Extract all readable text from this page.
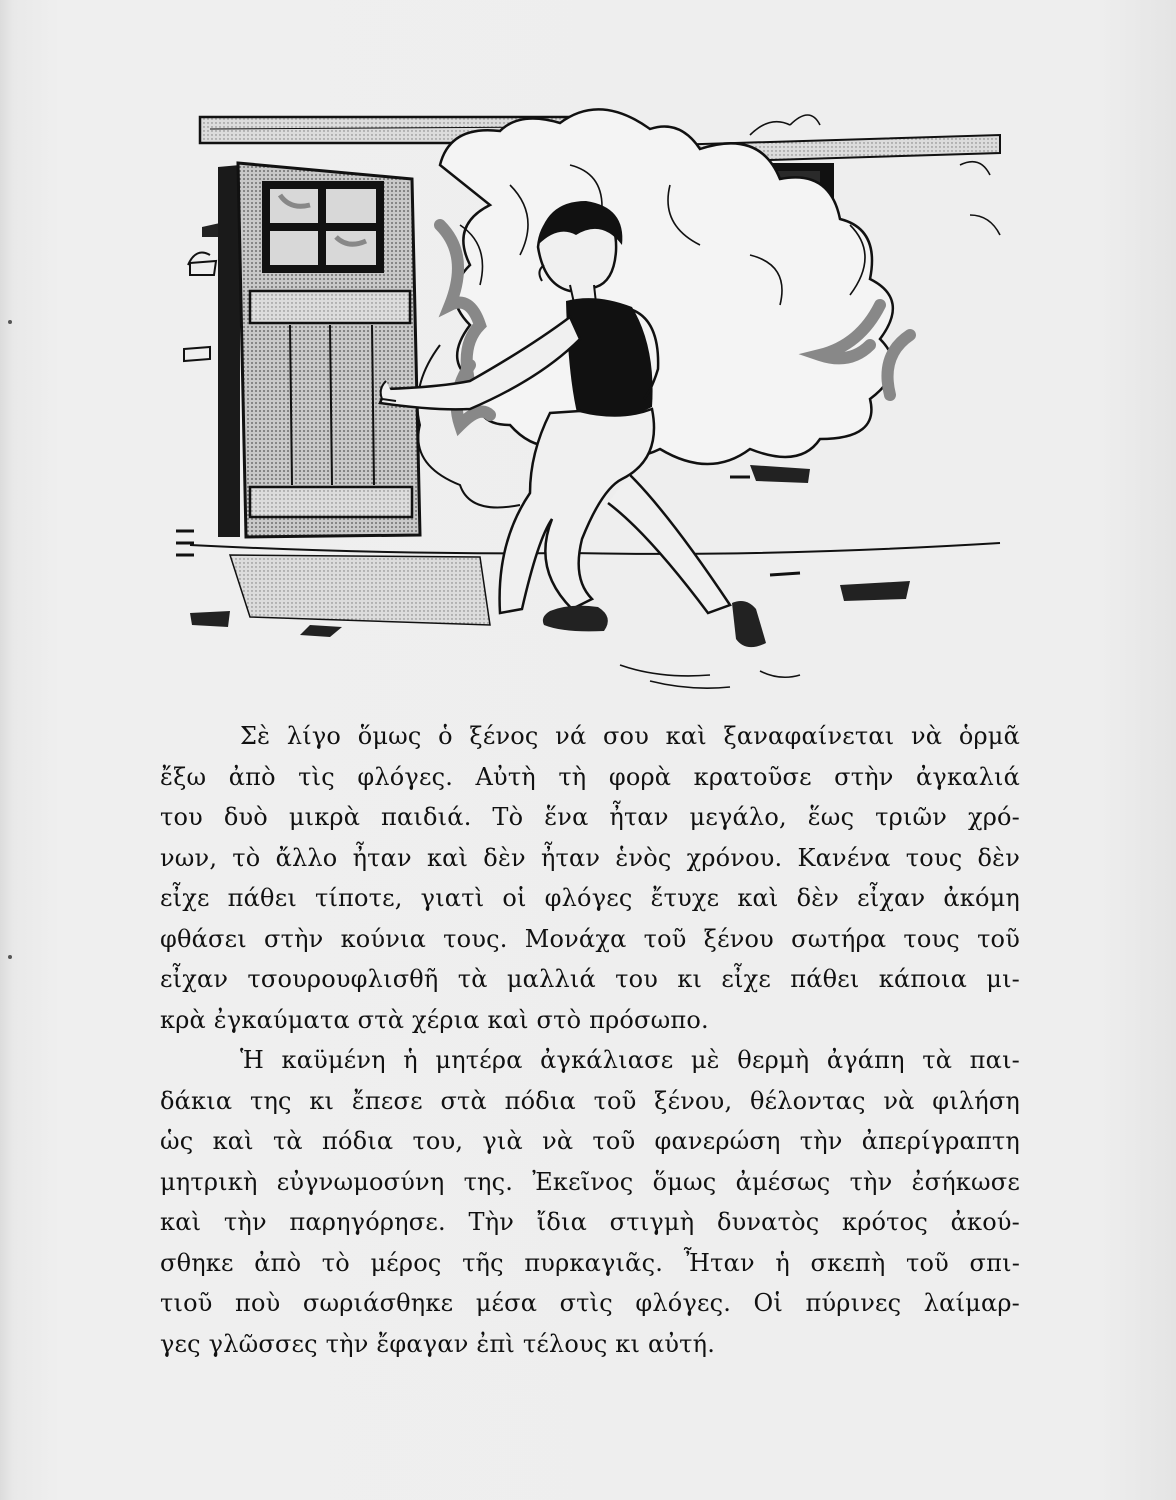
Σὲ λίγο ὅμως ὁ ξένος νά σου καὶ ξαναφαίνεται νὰ ὁρμᾶ

ἔξω ἀπὸ τὶς φλόγες. Αὐτὴ τὴ φορὰ κρατοῦσε στὴν ἀγκαλιά

του δυὸ μικρὰ παιδιά. Τὸ ἕνα ἦταν μεγάλο, ἕως τριῶν χρό-

νων, τὸ ἄλλο ἦταν καὶ δὲν ἦταν ἑνὸς χρόνου. Κανένα τους δὲν

εἶχε πάθει τίποτε, γιατὶ οἱ φλόγες ἔτυχε καὶ δὲν εἶχαν ἀκόμη

φθάσει στὴν κούνια τους. Μονάχα τοῦ ξένου σωτήρα τους τοῦ

εἶχαν τσουρουφλισθῆ τὰ μαλλιά του κι εἶχε πάθει κάποια μι-

κρὰ ἐγκαύματα στὰ χέρια καὶ στὸ πρόσωπο.

Ἡ καϋμένη ἡ μητέρα ἀγκάλιασε μὲ θερμὴ ἀγάπη τὰ παι-

δάκια της κι ἔπεσε στὰ πόδια τοῦ ξένου, θέλοντας νὰ φιλήση

ὡς καὶ τὰ πόδια του, γιὰ νὰ τοῦ φανερώση τὴν ἀπερίγραπτη

μητρικὴ εὐγνωμοσύνη της. Ἐκεῖνος ὅμως ἀμέσως τὴν ἐσήκωσε

καὶ τὴν παρηγόρησε. Τὴν ἴδια στιγμὴ δυνατὸς κρότος ἀκού-

σθηκε ἀπὸ τὸ μέρος τῆς πυρκαγιᾶς. Ἦταν ἡ σκεπὴ τοῦ σπι-

τιοῦ ποὺ σωριάσθηκε μέσα στὶς φλόγες. Οἱ πύρινες λαίμαρ-

γες γλῶσσες τὴν ἔφαγαν ἐπὶ τέλους κι αὐτή.
